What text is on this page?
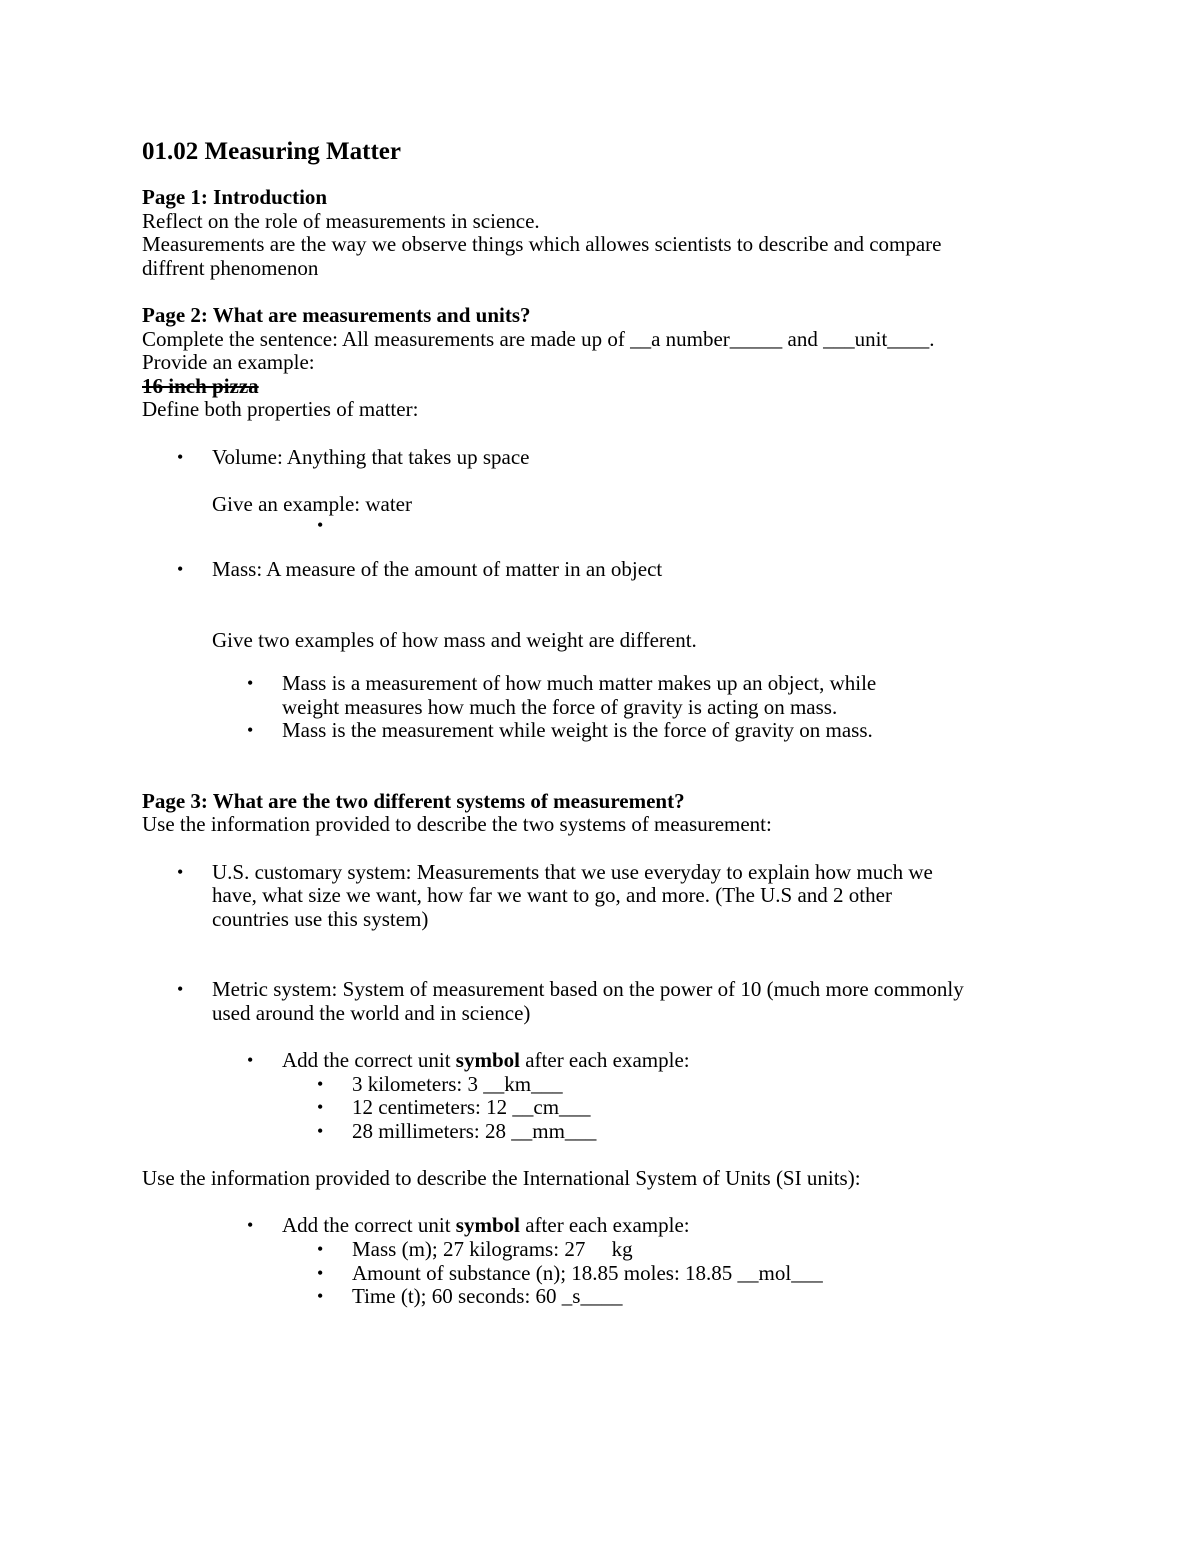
01.02 Measuring Matter

Page 1: Introduction

Reflect on the role of measurements in science.

Measurements are the way we observe things which allowes scientists to describe and compare

diffrent phenomenon

Page 2: What are measurements and units?

Complete the sentence: All measurements are made up of __a number_____ and ___unit____.

Provide an example:

16 inch pizza

Define both properties of matter:

• Volume: Anything that takes up space

Give an example: water

•

• Mass: A measure of the amount of matter in an object

Give two examples of how mass and weight are different.

• Mass is a measurement of how much matter makes up an object, while
weight measures how much the force of gravity is acting on mass.
• Mass is the measurement while weight is the force of gravity on mass.

Page 3: What are the two different systems of measurement?

Use the information provided to describe the two systems of measurement:

• U.S. customary system: Measurements that we use everyday to explain how much we
have, what size we want, how far we want to go, and more. (The U.S and 2 other
countries use this system)
• Metric system: System of measurement based on the power of 10 (much more commonly
used around the world and in science)
• Add the correct unit symbol after each example:
• 3 kilometers: 3 __km___
• 12 centimeters: 12 __cm___
• 28 millimeters: 28 __mm___

Use the information provided to describe the International System of Units (SI units):

• Add the correct unit symbol after each example:
• Mass (m); 27 kilograms: 27     kg
• Amount of substance (n); 18.85 moles: 18.85 __mol___
• Time (t); 60 seconds: 60 _s____
